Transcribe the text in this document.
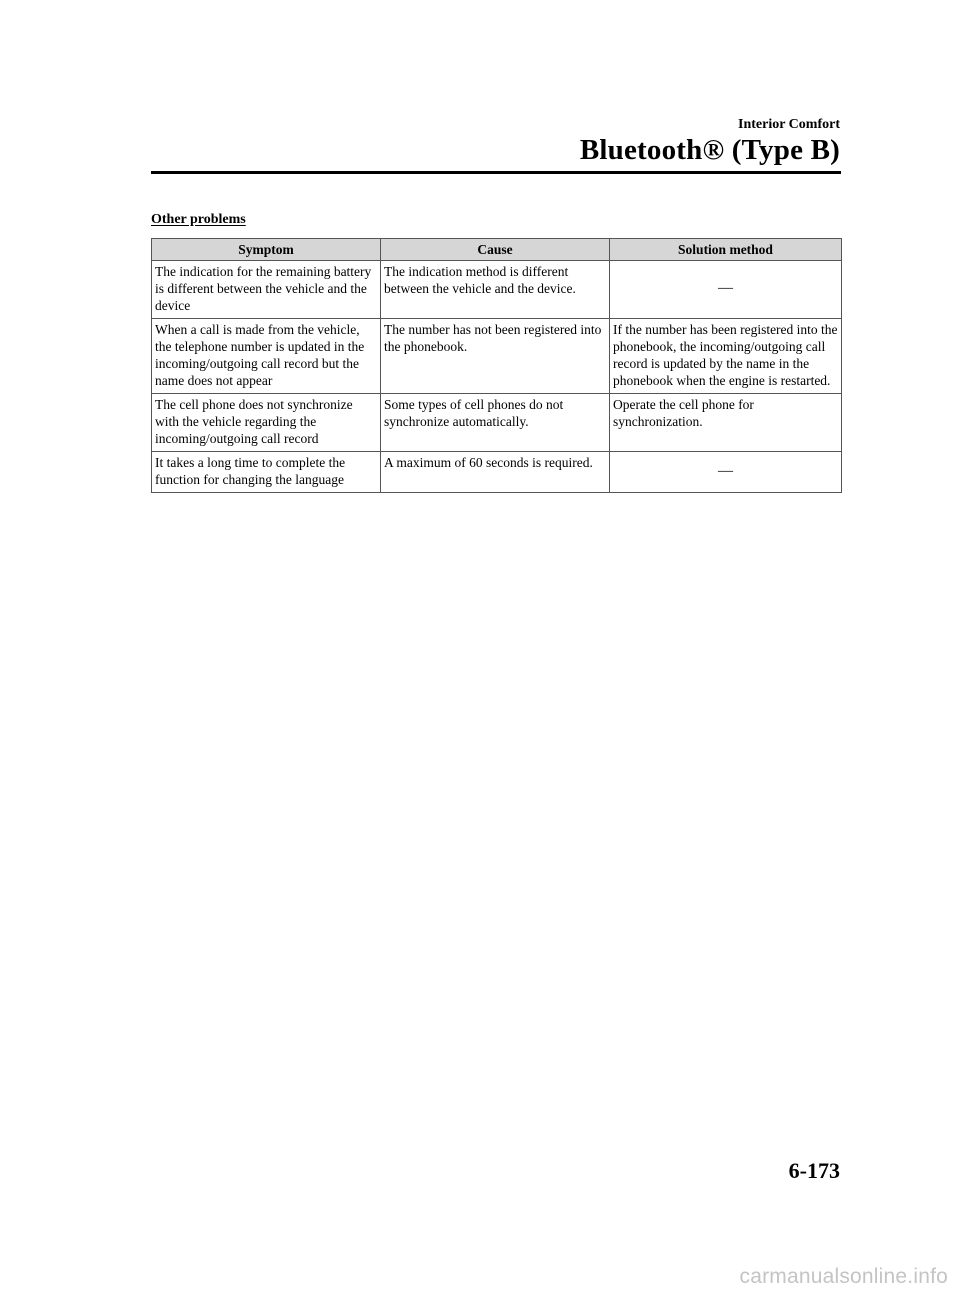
Interior Comfort
Bluetooth® (Type B)
Other problems
Symptom	Cause	Solution method
The indication for the remaining battery is different between the vehicle and the device	The indication method is different between the vehicle and the device.	—
When a call is made from the vehicle, the telephone number is updated in the incoming/outgoing call record but the name does not appear	The number has not been registered into the phonebook.	If the number has been registered into the phonebook, the incoming/outgoing call record is updated by the name in the phonebook when the engine is restarted.
The cell phone does not synchronize with the vehicle regarding the incoming/outgoing call record	Some types of cell phones do not synchronize automatically.	Operate the cell phone for synchronization.
It takes a long time to complete the function for changing the language	A maximum of 60 seconds is required.	—
6-173
carmanualsonline.info
